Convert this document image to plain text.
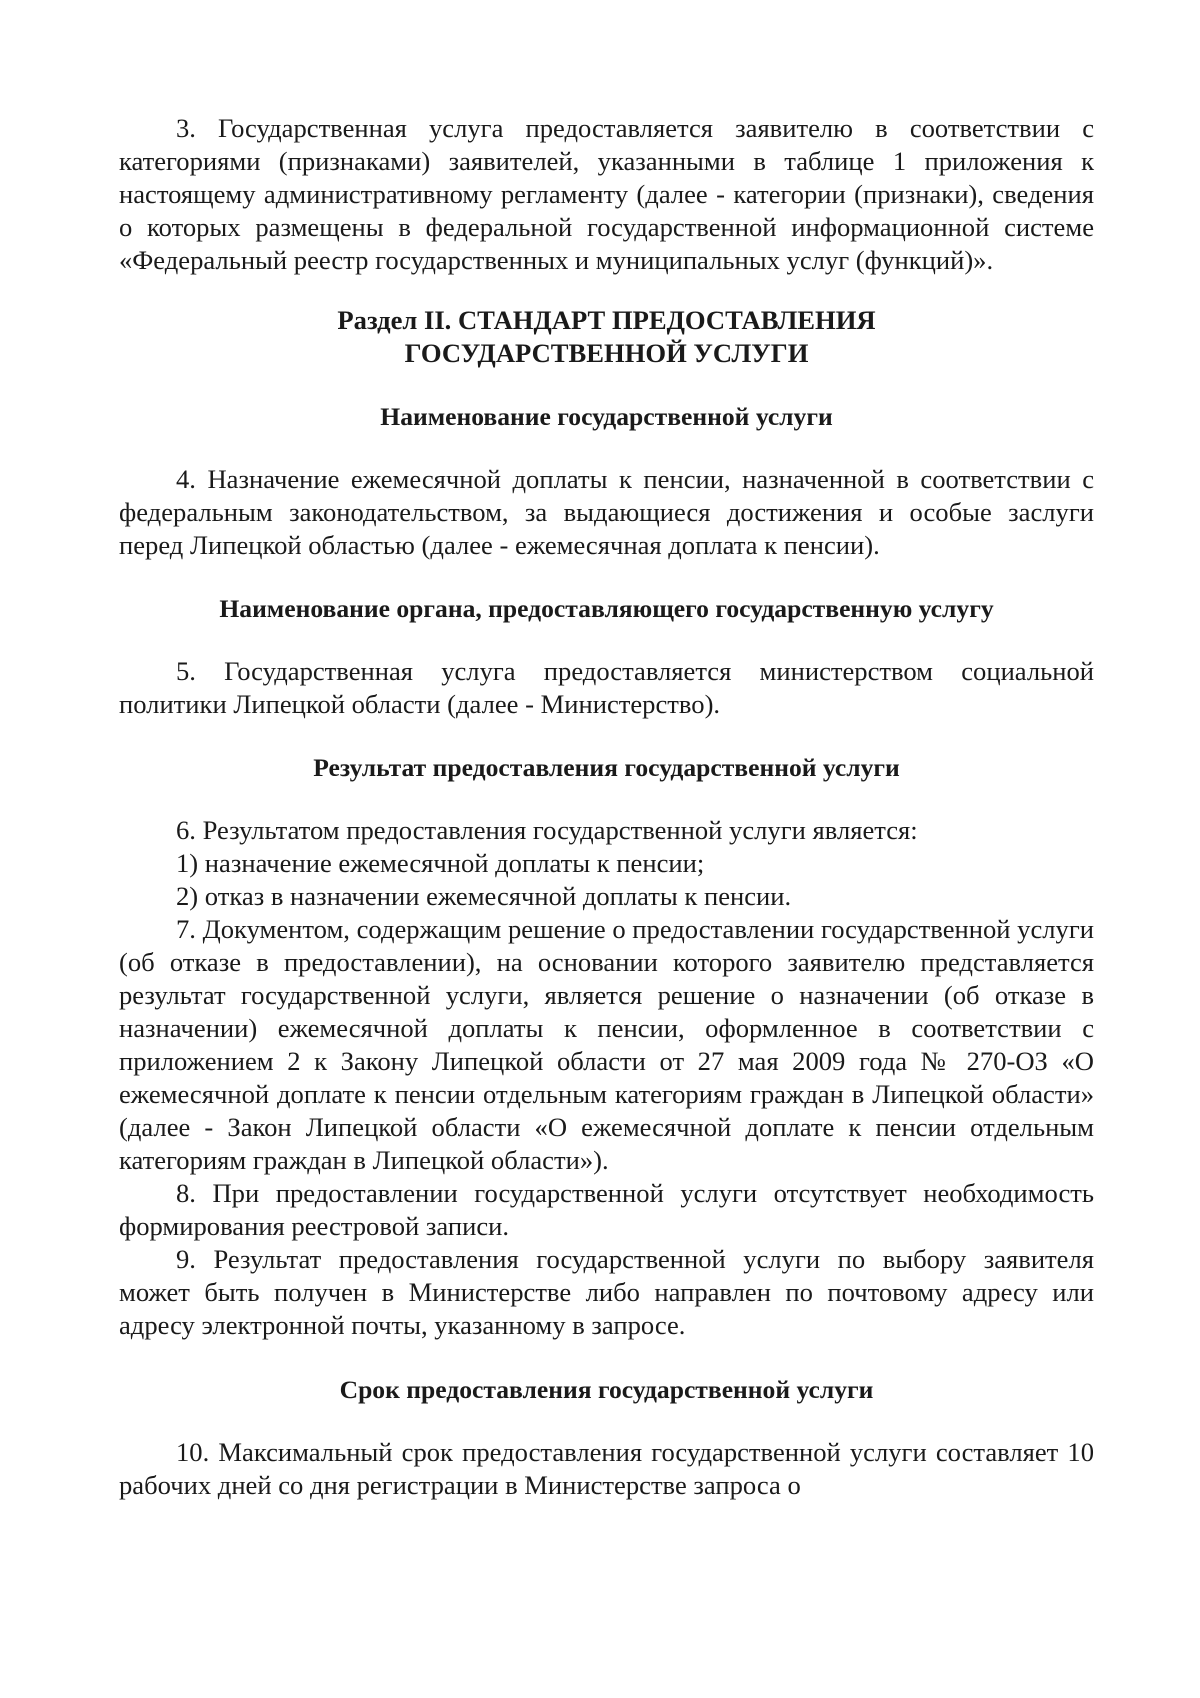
3. Государственная услуга предоставляется заявителю в соответствии с категориями (признаками) заявителей, указанными в таблице 1 приложения к настоящему административному регламенту (далее - категории (признаки), сведения о которых размещены в федеральной государственной информационной системе «Федеральный реестр государственных и муниципальных услуг (функций)».

Раздел II. СТАНДАРТ ПРЕДОСТАВЛЕНИЯ
ГОСУДАРСТВЕННОЙ УСЛУГИ
Наименование государственной услуги

4. Назначение ежемесячной доплаты к пенсии, назначенной в соответствии с федеральным законодательством, за выдающиеся достижения и особые заслуги перед Липецкой областью (далее - ежемесячная доплата к пенсии).

Наименование органа, предоставляющего государственную услугу

5. Государственная услуга предоставляется министерством социальной политики Липецкой области (далее - Министерство).

Результат предоставления государственной услуги

6. Результатом предоставления государственной услуги является:

1) назначение ежемесячной доплаты к пенсии;

2) отказ в назначении ежемесячной доплаты к пенсии.

7. Документом, содержащим решение о предоставлении государственной услуги (об отказе в предоставлении), на основании которого заявителю представляется результат государственной услуги, является решение о назначении (об отказе в назначении) ежемесячной доплаты к пенсии, оформленное в соответствии с приложением 2 к Закону Липецкой области от 27 мая 2009 года № 270-ОЗ «О ежемесячной доплате к пенсии отдельным категориям граждан в Липецкой области» (далее - Закон Липецкой области «О ежемесячной доплате к пенсии отдельным категориям граждан в Липецкой области»).

8. При предоставлении государственной услуги отсутствует необходимость формирования реестровой записи.

9. Результат предоставления государственной услуги по выбору заявителя может быть получен в Министерстве либо направлен по почтовому адресу или адресу электронной почты, указанному в запросе.

Срок предоставления государственной услуги

10. Максимальный срок предоставления государственной услуги составляет 10 рабочих дней со дня регистрации в Министерстве запроса о
